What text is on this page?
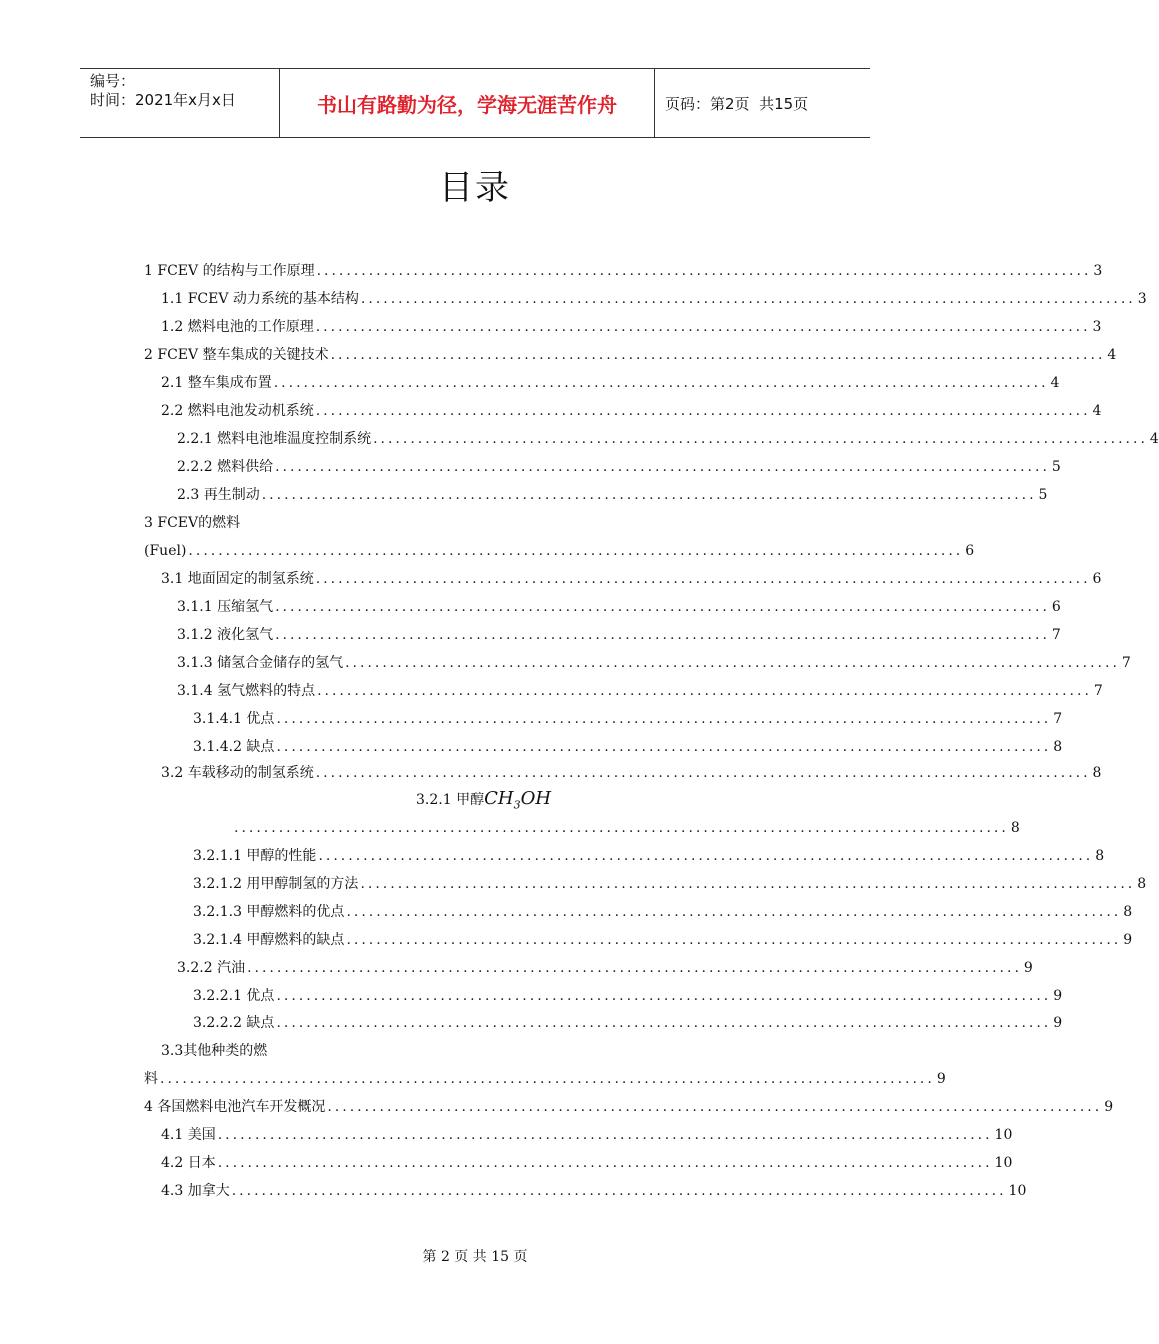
编号：
时间：2021年x月x日	书山有路勤为径，学海无涯苦作舟	页码：第2页  共15页
目录
1 FCEV 的结构与工作原理 ........................................................................................................ 3
1.1 FCEV 动力系统的基本结构 ........................................................................................................ 3
1.2 燃料电池的工作原理 ........................................................................................................ 3
2 FCEV 整车集成的关键技术 ........................................................................................................ 4
2.1 整车集成布置 ........................................................................................................ 4
2.2 燃料电池发动机系统 ........................................................................................................ 4
2.2.1 燃料电池堆温度控制系统 ........................................................................................................ 4
2.2.2 燃料供给 ........................................................................................................ 5
2.3 再生制动 ........................................................................................................ 5
3 FCEV的燃料
(Fuel) ........................................................................................................ 6
3.1 地面固定的制氢系统 ........................................................................................................ 6
3.1.1 压缩氢气 ........................................................................................................ 6
3.1.2 液化氢气 ........................................................................................................ 7
3.1.3 储氢合金储存的氢气 ........................................................................................................ 7
3.1.4 氢气燃料的特点 ........................................................................................................ 7
3.1.4.1 优点 ........................................................................................................ 7
3.1.4.2 缺点 ........................................................................................................ 8
3.2 车载移动的制氢系统 ........................................................................................................ 8
3.2.1 甲醇$CH_3OH$
........................................................................................................ 8
3.2.1.1 甲醇的性能 ........................................................................................................ 8
3.2.1.2 用甲醇制氢的方法 ........................................................................................................ 8
3.2.1.3 甲醇燃料的优点 ........................................................................................................ 8
3.2.1.4 甲醇燃料的缺点 ........................................................................................................ 9
3.2.2 汽油 ........................................................................................................ 9
3.2.2.1 优点 ........................................................................................................ 9
3.2.2.2 缺点 ........................................................................................................ 9
3.3其他种类的燃
料 ........................................................................................................ 9
4 各国燃料电池汽车开发概况 ........................................................................................................ 9
4.1 美国 ........................................................................................................ 10
4.2 日本 ........................................................................................................ 10
4.3 加拿大 ........................................................................................................ 10
第 2 页 共 15 页
